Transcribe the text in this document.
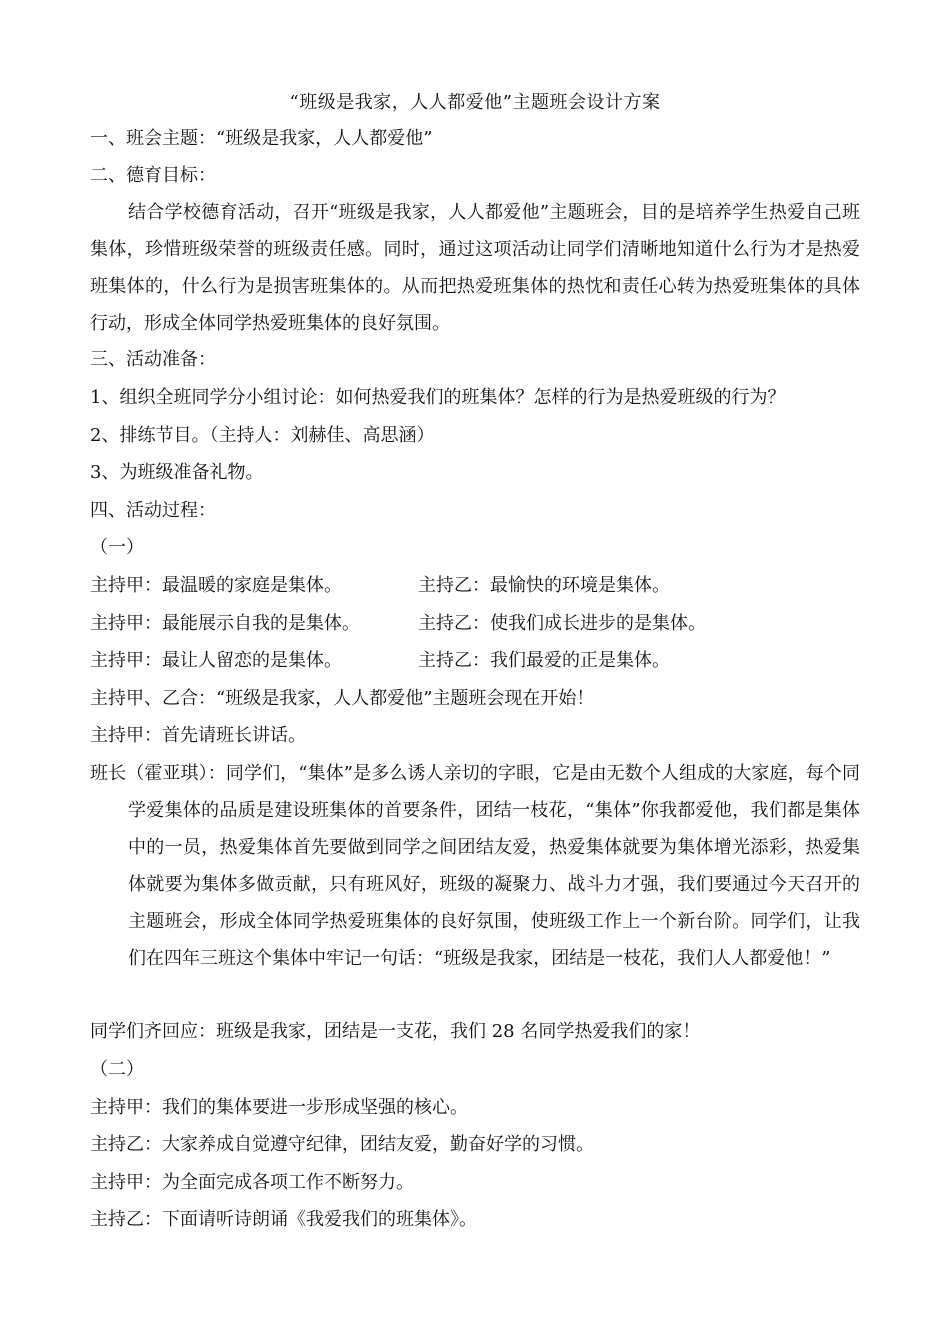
“班级是我家，人人都爱他”主题班会设计方案
一、班会主题：“班级是我家，人人都爱他”
二、德育目标：
结合学校德育活动，召开“班级是我家，人人都爱他”主题班会，目的是培养学生热爱自己班集体，珍惜班级荣誉的班级责任感。同时，通过这项活动让同学们清晰地知道什么行为才是热爱班集体的，什么行为是损害班集体的。从而把热爱班集体的热忱和责任心转为热爱班集体的具体行动，形成全体同学热爱班集体的良好氛围。
三、活动准备：
1、组织全班同学分小组讨论：如何热爱我们的班集体？怎样的行为是热爱班级的行为？
2、排练节目。（主持人：刘赫佳、高思涵）
3、为班级准备礼物。
四、活动过程：
（一）
主持甲：最温暖的家庭是集体。	主持乙：最愉快的环境是集体。
主持甲：最能展示自我的是集体。	主持乙：使我们成长进步的是集体。
主持甲：最让人留恋的是集体。	主持乙：我们最爱的正是集体。
主持甲、乙合：“班级是我家，人人都爱他”主题班会现在开始！
主持甲：首先请班长讲话。
班长（霍亚琪）：同学们，“集体”是多么诱人亲切的字眼，它是由无数个人组成的大家庭，每个同学爱集体的品质是建设班集体的首要条件，团结一枝花，“集体”你我都爱他，我们都是集体中的一员，热爱集体首先要做到同学之间团结友爱，热爱集体就要为集体增光添彩，热爱集体就要为集体多做贡献，只有班风好，班级的凝聚力、战斗力才强，我们要通过今天召开的主题班会，形成全体同学热爱班集体的良好氛围，使班级工作上一个新台阶。同学们，让我们在四年三班这个集体中牢记一句话：“班级是我家，团结是一枝花，我们人人都爱他！”
同学们齐回应：班级是我家，团结是一支花，我们 28 名同学热爱我们的家！
（二）
主持甲：我们的集体要进一步形成坚强的核心。
主持乙：大家养成自觉遵守纪律，团结友爱，勤奋好学的习惯。
主持甲：为全面完成各项工作不断努力。
主持乙：下面请听诗朗诵《我爱我们的班集体》。
